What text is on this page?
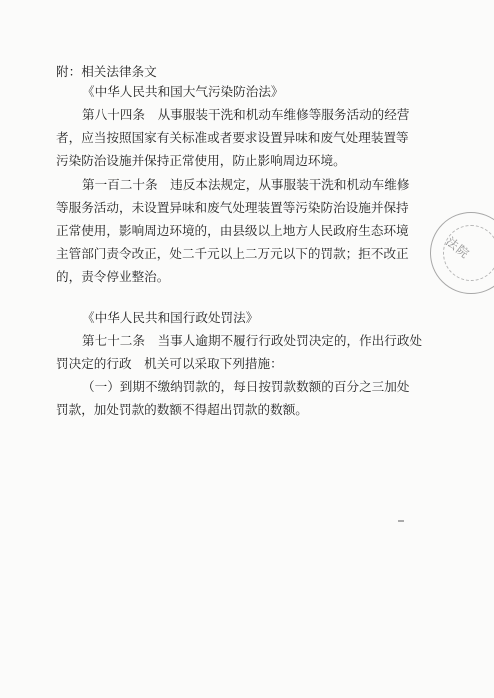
附：相关法律条文
《中华人民共和国大气污染防治法》
第八十四条　从事服装干洗和机动车维修等服务活动的经营
者，应当按照国家有关标准或者要求设置异味和废气处理装置等
污染防治设施并保持正常使用，防止影响周边环境。
第一百二十条　违反本法规定，从事服装干洗和机动车维修
等服务活动，未设置异味和废气处理装置等污染防治设施并保持
正常使用，影响周边环境的，由县级以上地方人民政府生态环境
主管部门责令改正，处二千元以上二万元以下的罚款；拒不改正
的，责令停业整治。
《中华人民共和国行政处罚法》
第七十二条　当事人逾期不履行行政处罚决定的，作出行政处
罚决定的行政　机关可以采取下列措施：
（一）到期不缴纳罚款的，每日按罚款数额的百分之三加处
罚款，加处罚款的数额不得超出罚款的数额。
法院
